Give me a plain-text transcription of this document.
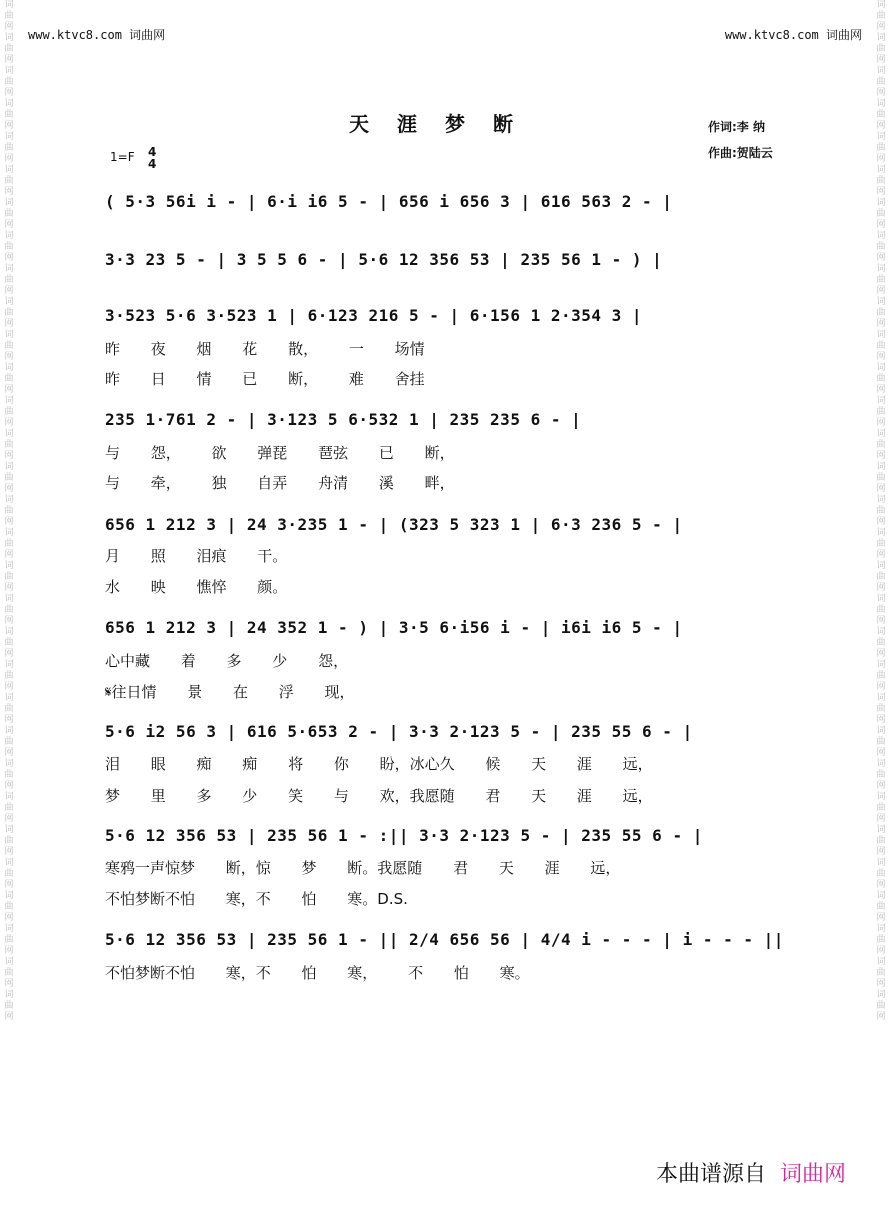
词曲网词曲网词曲网词曲网词曲网词曲网词曲网词曲网词曲网词曲网词曲网词曲网词曲网词曲网词曲网词曲网词曲网词曲网词曲网词曲网词曲网词曲网词曲网词曲网词曲网词曲网词曲网词曲网词曲网词曲网词曲网
词曲网词曲网词曲网词曲网词曲网词曲网词曲网词曲网词曲网词曲网词曲网词曲网词曲网词曲网词曲网词曲网词曲网词曲网词曲网词曲网词曲网词曲网词曲网词曲网词曲网词曲网词曲网词曲网词曲网词曲网词曲网
www.ktvc8.com 词曲网	www.ktvc8.com 词曲网
天涯梦断	作词:李 纳
作曲:贺陆云
1=F 4
4
( 5·3 56i i - | 6·i i6 5 - | 656 i 656 3 | 616 563 2 - |
3·3 23 5 - | 3 5 5 6 - | 5·6 12 356 53 | 235 56 1 - ) |
3·523 5·6 3·523 1 | 6·123 216 5 - | 6·156 1 2·354 3 |
昨 夜 烟 花 散， 一 场情
昨 日 情 已 断， 难 舍挂
235 1·761 2 - | 3·123 5 6·532 1 | 235 235 6 - |
与 怨， 欲 弹琵 琶弦 已 断，
与 牵， 独 自弄 舟清 溪 畔，
656 1 212 3 | 24 3·235 1 - | (323 5 323 1 | 6·3 236 5 - |
月 照 泪痕 干。
水 映 憔悴 颜。
656 1 212 3 | 24 352 1 - ) | 3·5 6·i56 i - | i6i i6 5 - |
心中藏 着 多 少 怨，
𝄋往日情 景 在 浮 现，
5·6 i2 56 3 | 616 5·653 2 - | 3·3 2·123 5 - | 235 55 6 - |
泪 眼 痴 痴 将 你 盼，冰心久 候 天 涯 远，
梦 里 多 少 笑 与 欢，我愿随 君 天 涯 远，
5·6 12 356 53 | 235 56 1 - :|| 3·3 2·123 5 - | 235 55 6 - |
寒鸦一声惊梦 断，惊 梦 断。我愿随 君 天 涯 远，
不怕梦断不怕 寒，不 怕 寒。D.S.
5·6 12 356 53 | 235 56 1 - || 2/4 656 56 | 4/4 i - - - | i - - - ||
不怕梦断不怕 寒，不 怕 寒， 不 怕 寒。
本曲谱源自 词曲网
